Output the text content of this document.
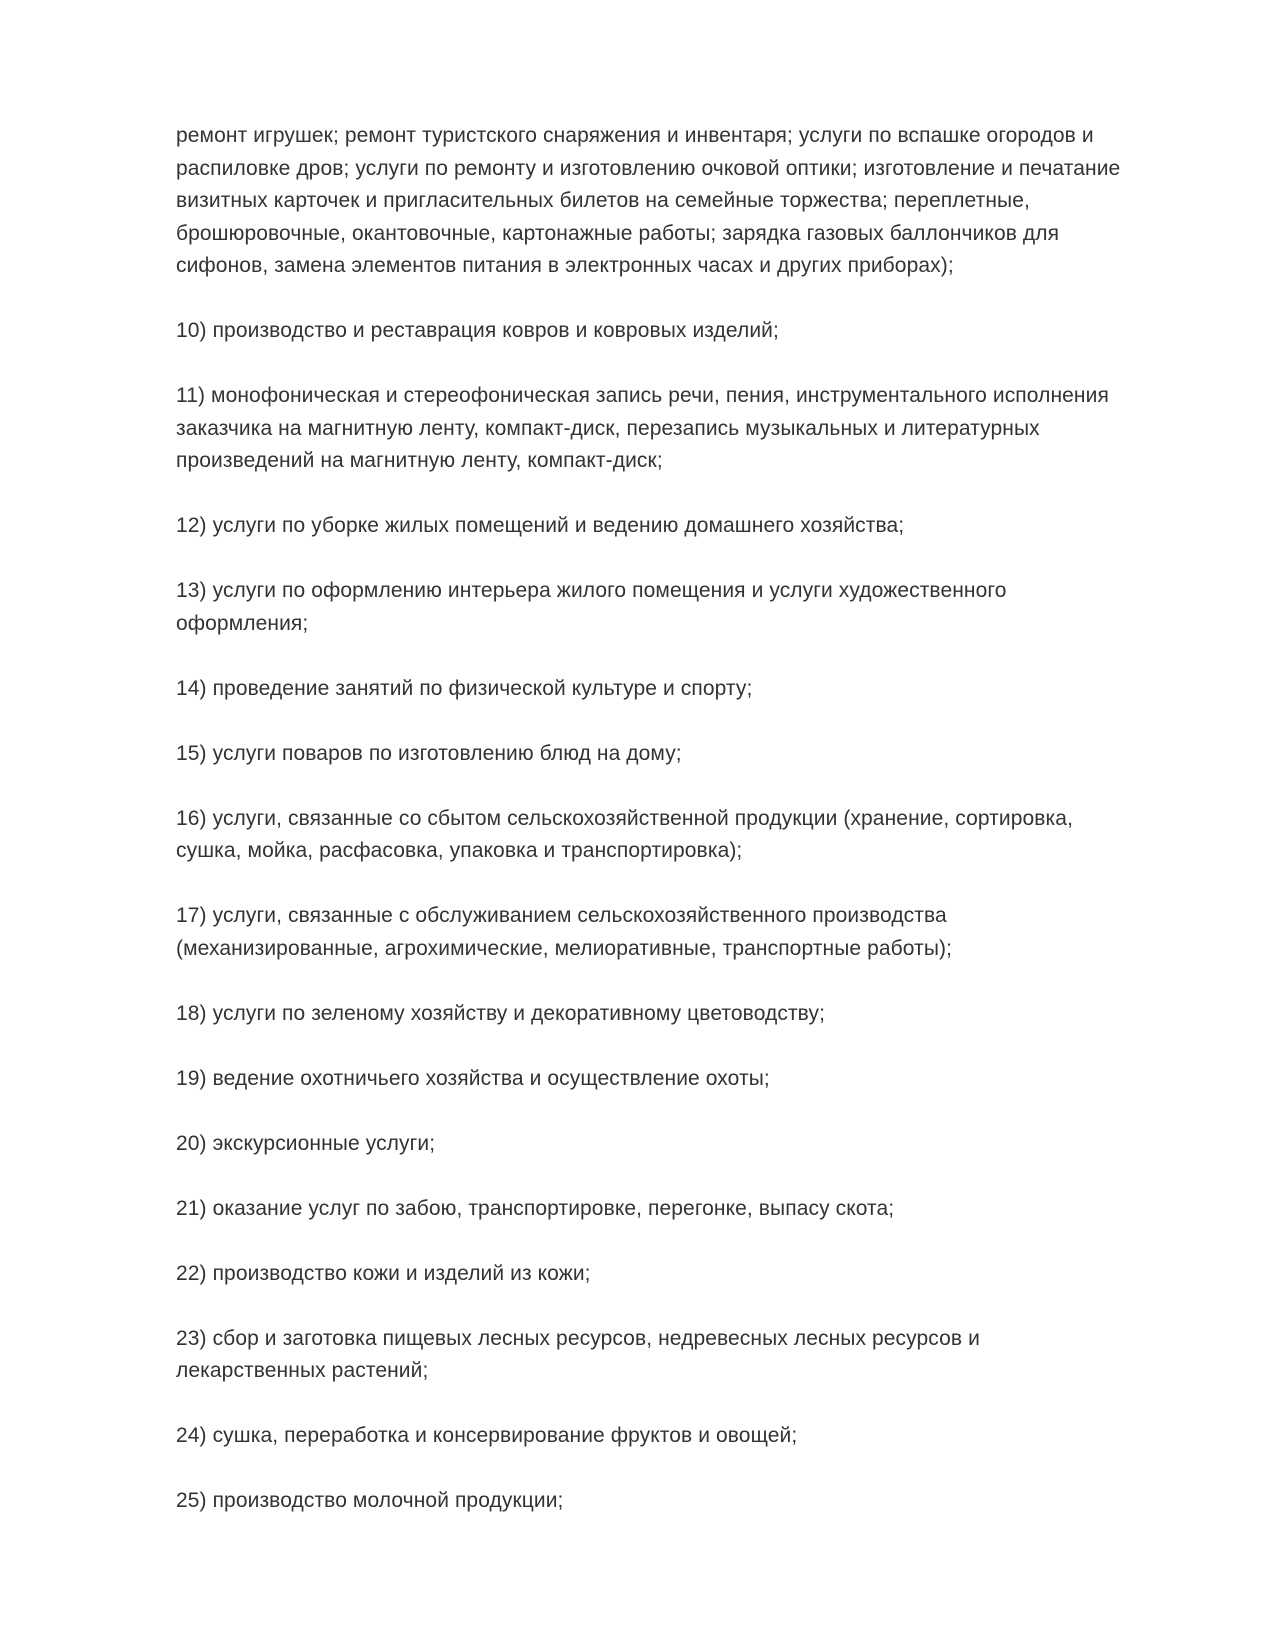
ремонт игрушек; ремонт туристского снаряжения и инвентаря; услуги по вспашке огородов и
распиловке дров; услуги по ремонту и изготовлению очковой оптики; изготовление и печатание
визитных карточек и пригласительных билетов на семейные торжества; переплетные,
брошюровочные, окантовочные, картонажные работы; зарядка газовых баллончиков для
сифонов, замена элементов питания в электронных часах и других приборах);

10) производство и реставрация ковров и ковровых изделий;

11) монофоническая и стереофоническая запись речи, пения, инструментального исполнения
заказчика на магнитную ленту, компакт-диск, перезапись музыкальных и литературных
произведений на магнитную ленту, компакт-диск;

12) услуги по уборке жилых помещений и ведению домашнего хозяйства;

13) услуги по оформлению интерьера жилого помещения и услуги художественного
оформления;

14) проведение занятий по физической культуре и спорту;

15) услуги поваров по изготовлению блюд на дому;

16) услуги, связанные со сбытом сельскохозяйственной продукции (хранение, сортировка,
сушка, мойка, расфасовка, упаковка и транспортировка);

17) услуги, связанные с обслуживанием сельскохозяйственного производства
(механизированные, агрохимические, мелиоративные, транспортные работы);

18) услуги по зеленому хозяйству и декоративному цветоводству;

19) ведение охотничьего хозяйства и осуществление охоты;

20) экскурсионные услуги;

21) оказание услуг по забою, транспортировке, перегонке, выпасу скота;

22) производство кожи и изделий из кожи;

23) сбор и заготовка пищевых лесных ресурсов, недревесных лесных ресурсов и
лекарственных растений;

24) сушка, переработка и консервирование фруктов и овощей;

25) производство молочной продукции;
